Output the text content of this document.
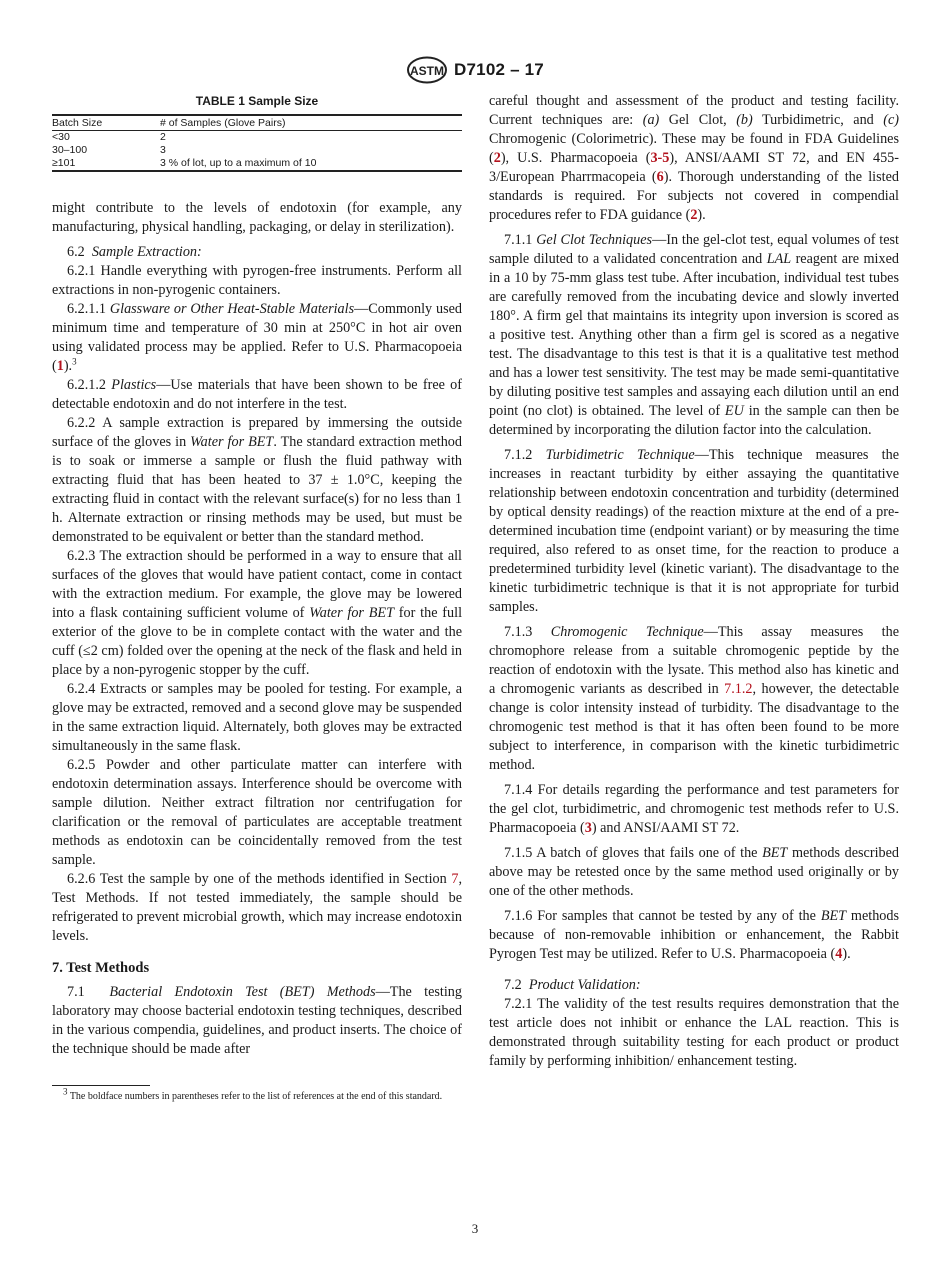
ASTM D7102 – 17
TABLE 1 Sample Size
Batch Size	# of Samples (Glove Pairs)
<30	2
30–100	3
≥101	3 % of lot, up to a maximum of 10

might contribute to the levels of endotoxin (for example, any manufacturing, physical handling, packaging, or delay in sterilization).

6.2 Sample Extraction:

6.2.1 Handle everything with pyrogen-free instruments. Perform all extractions in non-pyrogenic containers.

6.2.1.1 Glassware or Other Heat-Stable Materials—Commonly used minimum time and temperature of 30 min at 250°C in hot air oven using validated process may be applied. Refer to U.S. Pharmacopoeia (1).$^3$

6.2.1.2 Plastics—Use materials that have been shown to be free of detectable endotoxin and do not interfere in the test.

6.2.2 A sample extraction is prepared by immersing the outside surface of the gloves in Water for BET. The standard extraction method is to soak or immerse a sample or flush the fluid pathway with extracting fluid that has been heated to 37 ± 1.0°C, keeping the extracting fluid in contact with the relevant surface(s) for no less than 1 h. Alternate extraction or rinsing methods may be used, but must be demonstrated to be equivalent or better than the standard method.

6.2.3 The extraction should be performed in a way to ensure that all surfaces of the gloves that would have patient contact, come in contact with the extraction medium. For example, the glove may be lowered into a flask containing sufficient volume of Water for BET for the full exterior of the glove to be in complete contact with the water and the cuff (≤2 cm) folded over the opening at the neck of the flask and held in place by a non-pyrogenic stopper by the cuff.

6.2.4 Extracts or samples may be pooled for testing. For example, a glove may be extracted, removed and a second glove may be suspended in the same extraction liquid. Alternately, both gloves may be extracted simultaneously in the same flask.

6.2.5 Powder and other particulate matter can interfere with endotoxin determination assays. Interference should be overcome with sample dilution. Neither extract filtration nor centrifugation for clarification or the removal of particulates are acceptable treatment methods as endotoxin can be coincidentally removed from the test sample.

6.2.6 Test the sample by one of the methods identified in Section 7, Test Methods. If not tested immediately, the sample should be refrigerated to prevent microbial growth, which may increase endotoxin levels.

7. Test Methods

7.1 Bacterial Endotoxin Test (BET) Methods—The testing laboratory may choose bacterial endotoxin testing techniques, described in the various compendia, guidelines, and product inserts. The choice of the technique should be made after

$^3$ The boldface numbers in parentheses refer to the list of references at the end of this standard.

careful thought and assessment of the product and testing facility. Current techniques are: (a) Gel Clot, (b) Turbidimetric, and (c) Chromogenic (Colorimetric). These may be found in FDA Guidelines (2), U.S. Pharmacopoeia (3-5), ANSI/AAMI ST 72, and EN 455-3/European Pharrmacopeia (6). Thorough understanding of the listed standards is required. For subjects not covered in compendial procedures refer to FDA guidance (2).

7.1.1 Gel Clot Techniques—In the gel-clot test, equal volumes of test sample diluted to a validated concentration and LAL reagent are mixed in a 10 by 75-mm glass test tube. After incubation, individual test tubes are carefully removed from the incubating device and slowly inverted 180°. A firm gel that maintains its integrity upon inversion is scored as a positive test. Anything other than a firm gel is scored as a negative test. The disadvantage to this test is that it is a qualitative test method and has a lower test sensitivity. The test may be made semi-quantitative by diluting positive test samples and assaying each dilution until an end point (no clot) is obtained. The level of EU in the sample can then be determined by incorporating the dilution factor into the calculation.

7.1.2 Turbidimetric Technique—This technique measures the increases in reactant turbidity by either assaying the quantitative relationship between endotoxin concentration and turbidity (determined by optical density readings) of the reaction mixture at the end of a pre-determined incubation time (endpoint variant) or by measuring the time required, also refered to as onset time, for the reaction to produce a predetermined turbidity level (kinetic variant). The disadvantage to the kinetic turbidimetric technique is that it is not appropriate for turbid samples.

7.1.3 Chromogenic Technique—This assay measures the chromophore release from a suitable chromogenic peptide by the reaction of endotoxin with the lysate. This method also has kinetic and a chromogenic variants as described in 7.1.2, however, the detectable change is color intensity instead of turbidity. The disadvantage to the chromogenic test method is that it has often been found to be more subject to interference, in comparison with the kinetic turbidimetric method.

7.1.4 For details regarding the performance and test parameters for the gel clot, turbidimetric, and chromogenic test methods refer to U.S. Pharmacopoeia (3) and ANSI/AAMI ST 72.

7.1.5 A batch of gloves that fails one of the BET methods described above may be retested once by the same method used originally or by one of the other methods.

7.1.6 For samples that cannot be tested by any of the BET methods because of non-removable inhibition or enhancement, the Rabbit Pyrogen Test may be utilized. Refer to U.S. Pharmacopoeia (4).

7.2 Product Validation:

7.2.1 The validity of the test results requires demonstration that the test article does not inhibit or enhance the LAL reaction. This is demonstrated through suitability testing for each product or product family by performing inhibition/ enhancement testing.

3
